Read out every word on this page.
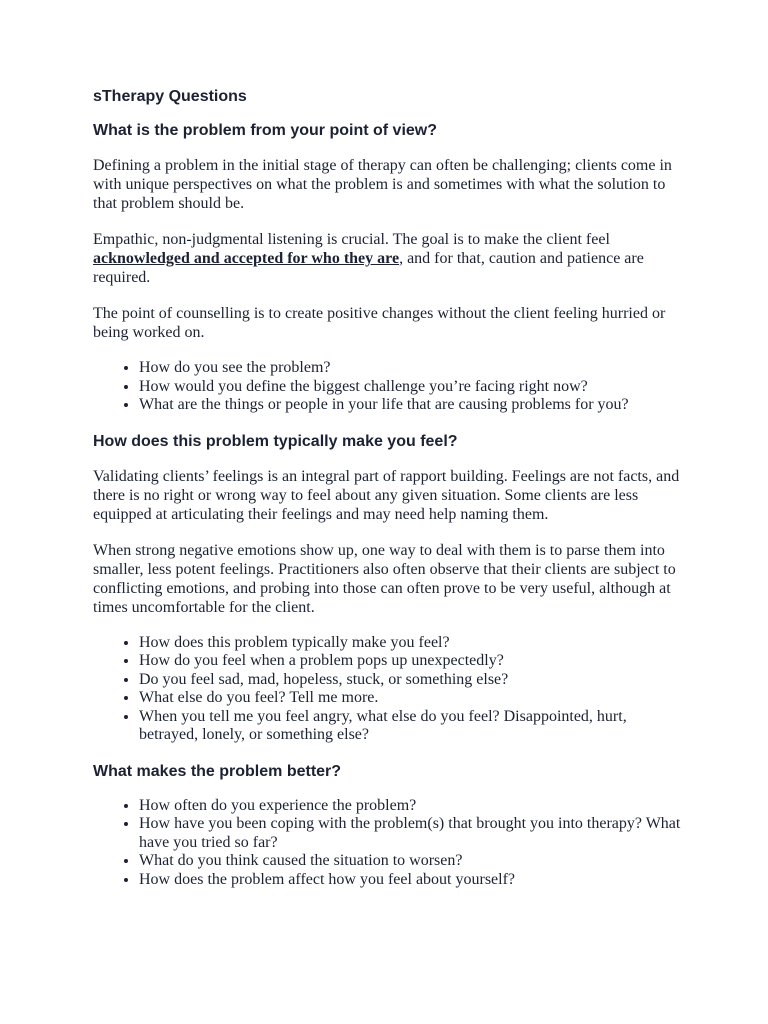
sTherapy Questions
What is the problem from your point of view?

Defining a problem in the initial stage of therapy can often be challenging; clients come in with unique perspectives on what the problem is and sometimes with what the solution to that problem should be.

Empathic, non-judgmental listening is crucial. The goal is to make the client feel acknowledged and accepted for who they are, and for that, caution and patience are required.

The point of counselling is to create positive changes without the client feeling hurried or being worked on.

• How do you see the problem?
• How would you define the biggest challenge you’re facing right now?
• What are the things or people in your life that are causing problems for you?
How does this problem typically make you feel?

Validating clients’ feelings is an integral part of rapport building. Feelings are not facts, and there is no right or wrong way to feel about any given situation. Some clients are less equipped at articulating their feelings and may need help naming them.

When strong negative emotions show up, one way to deal with them is to parse them into smaller, less potent feelings. Practitioners also often observe that their clients are subject to conflicting emotions, and probing into those can often prove to be very useful, although at times uncomfortable for the client.

• How does this problem typically make you feel?
• How do you feel when a problem pops up unexpectedly?
• Do you feel sad, mad, hopeless, stuck, or something else?
• What else do you feel? Tell me more.
• When you tell me you feel angry, what else do you feel? Disappointed, hurt, betrayed, lonely, or something else?
What makes the problem better?
• How often do you experience the problem?
• How have you been coping with the problem(s) that brought you into therapy? What have you tried so far?
• What do you think caused the situation to worsen?
• How does the problem affect how you feel about yourself?
